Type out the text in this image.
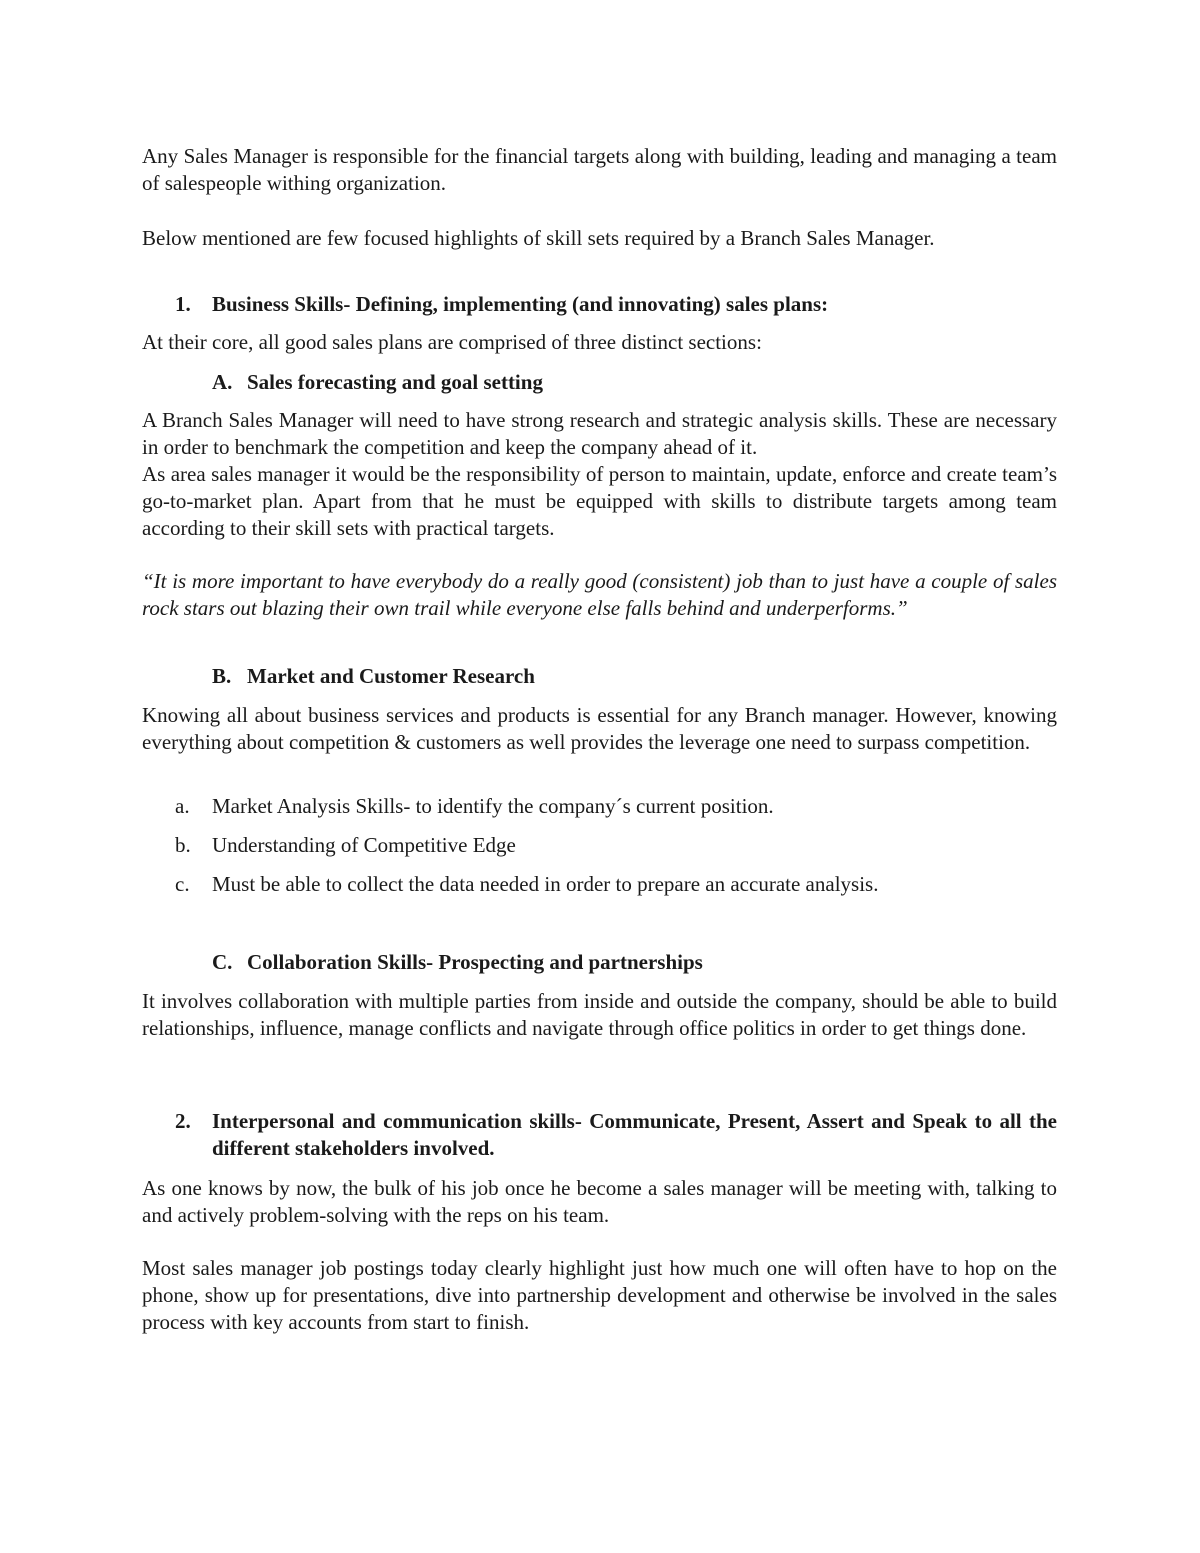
Any Sales Manager is responsible for the financial targets along with building, leading and managing a team of salespeople withing organization.

Below mentioned are few focused highlights of skill sets required by a Branch Sales Manager.

1. Business Skills- Defining, implementing (and innovating) sales plans:

At their core, all good sales plans are comprised of three distinct sections:

A. Sales forecasting and goal setting

A Branch Sales Manager will need to have strong research and strategic analysis skills. These are necessary in order to benchmark the competition and keep the company ahead of it.

As area sales manager it would be the responsibility of person to maintain, update, enforce and create team’s go-to-market plan. Apart from that he must be equipped with skills to distribute targets among team according to their skill sets with practical targets.

“It is more important to have everybody do a really good (consistent) job than to just have a couple of sales rock stars out blazing their own trail while everyone else falls behind and underperforms.”

B. Market and Customer Research

Knowing all about business services and products is essential for any Branch manager. However, knowing everything about competition & customers as well provides the leverage one need to surpass competition.

a. Market Analysis Skills- to identify the company´s current position.

b. Understanding of Competitive Edge

c. Must be able to collect the data needed in order to prepare an accurate analysis.

C. Collaboration Skills- Prospecting and partnerships

It involves collaboration with multiple parties from inside and outside the company, should be able to build relationships, influence, manage conflicts and navigate through office politics in order to get things done.

2. Interpersonal and communication skills- Communicate, Present, Assert and Speak to all the different stakeholders involved.

As one knows by now, the bulk of his job once he become a sales manager will be meeting with, talking to and actively problem-solving with the reps on his team.

Most sales manager job postings today clearly highlight just how much one will often have to hop on the phone, show up for presentations, dive into partnership development and otherwise be involved in the sales process with key accounts from start to finish.
